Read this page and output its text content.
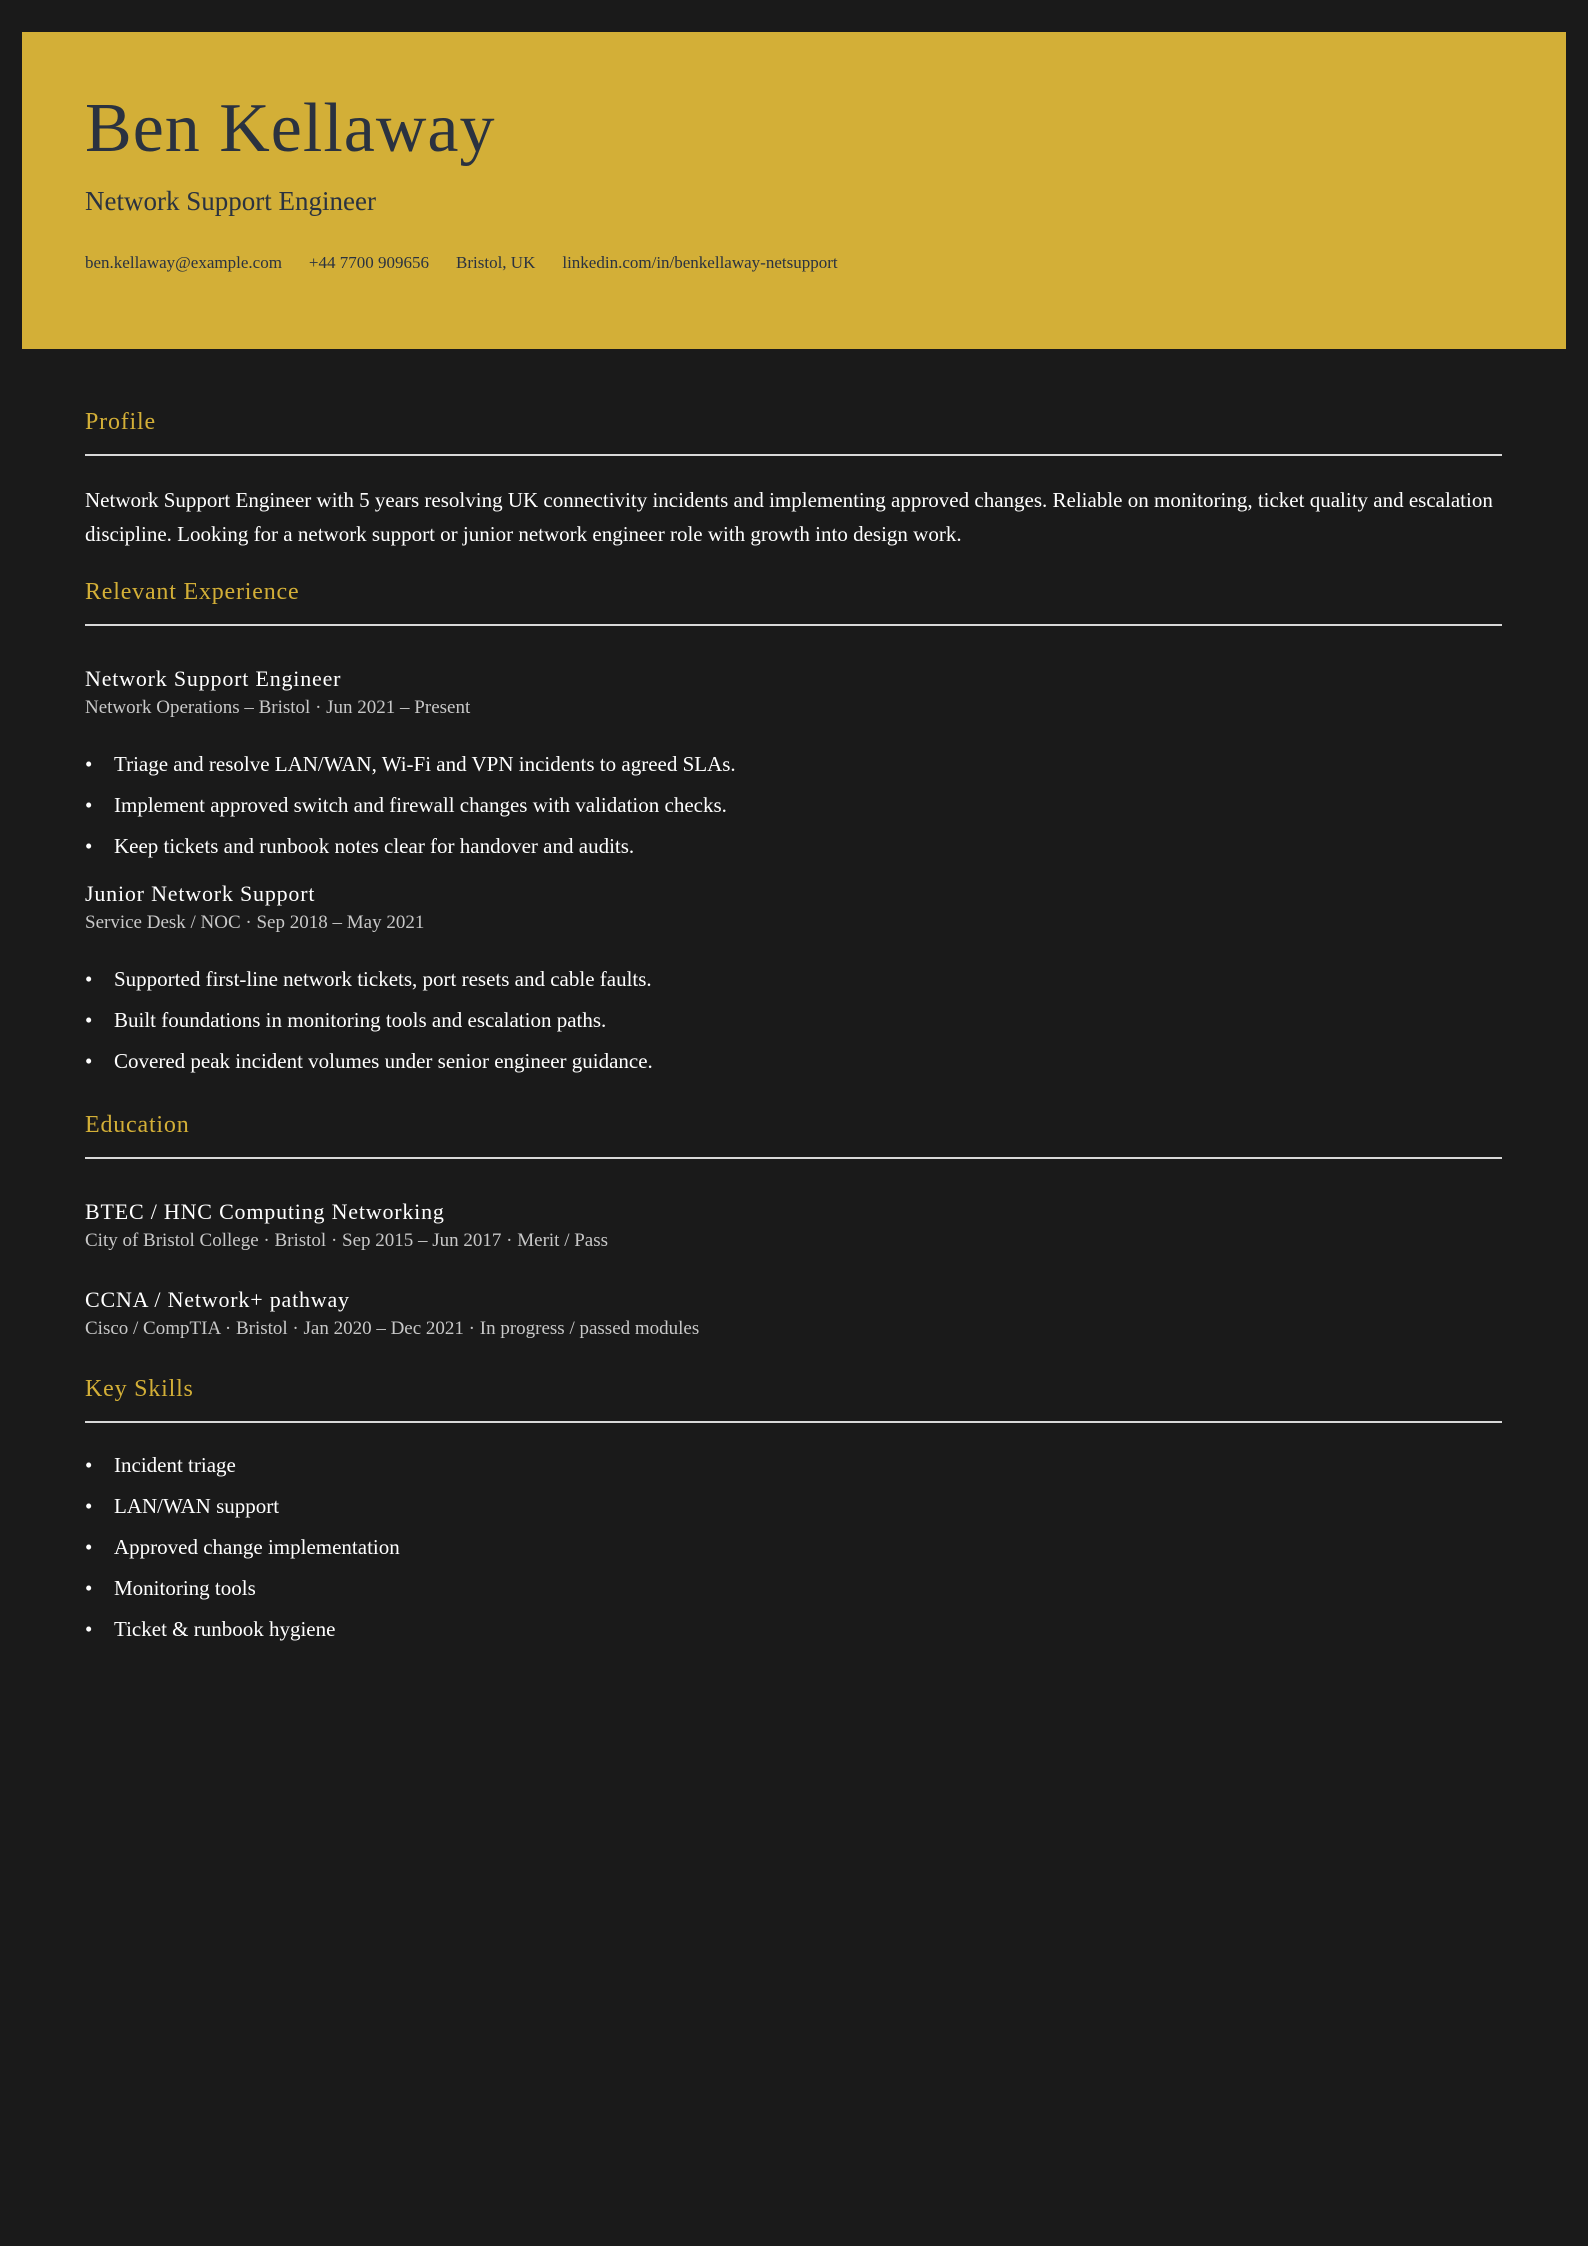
Ben Kellaway
Network Support Engineer
ben.kellaway@example.com +44 7700 909656 Bristol, UK linkedin.com/in/benkellaway-netsupport
Profile

Network Support Engineer with 5 years resolving UK connectivity incidents and implementing approved changes. Reliable on monitoring, ticket quality and escalation discipline. Looking for a network support or junior network engineer role with growth into design work.

Relevant Experience
Network Support Engineer

Network Operations – Bristol · Jun 2021 – Present

• Triage and resolve LAN/WAN, Wi-Fi and VPN incidents to agreed SLAs.
• Implement approved switch and firewall changes with validation checks.
• Keep tickets and runbook notes clear for handover and audits.
Junior Network Support

Service Desk / NOC · Sep 2018 – May 2021

• Supported first-line network tickets, port resets and cable faults.
• Built foundations in monitoring tools and escalation paths.
• Covered peak incident volumes under senior engineer guidance.
Education
BTEC / HNC Computing Networking

City of Bristol College · Bristol · Sep 2015 – Jun 2017 · Merit / Pass

CCNA / Network+ pathway

Cisco / CompTIA · Bristol · Jan 2020 – Dec 2021 · In progress / passed modules

Key Skills
• Incident triage
• LAN/WAN support
• Approved change implementation
• Monitoring tools
• Ticket & runbook hygiene
